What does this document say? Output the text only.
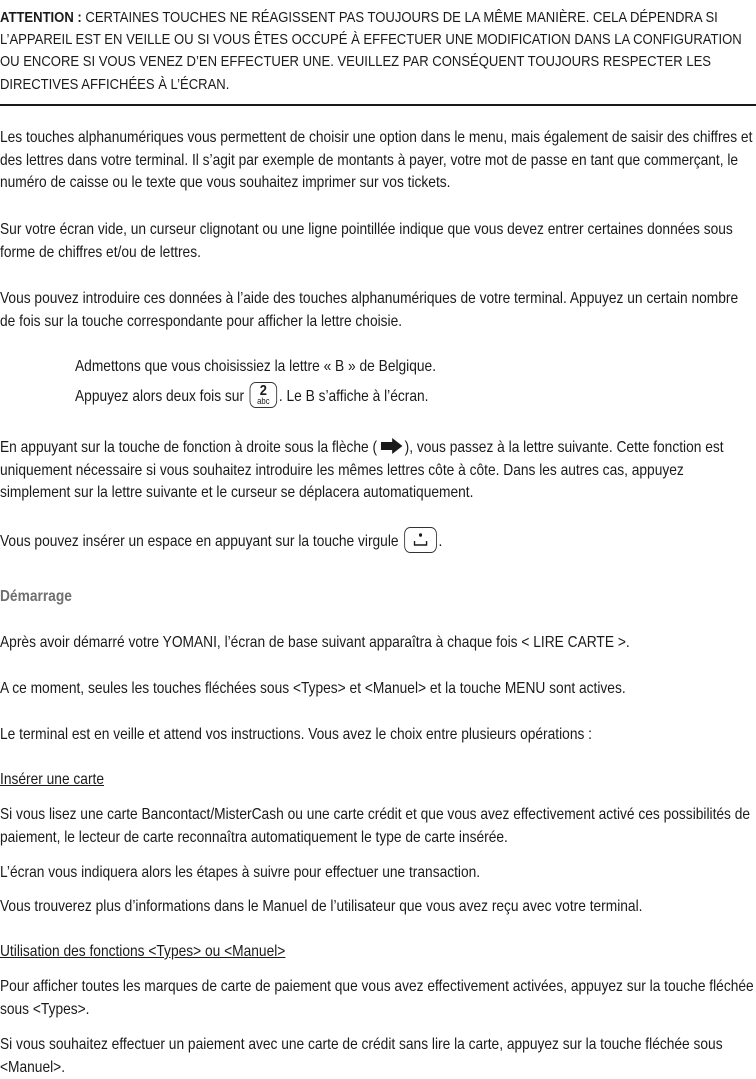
ATTENTION : CERTAINES TOUCHES NE RÉAGISSENT PAS TOUJOURS DE LA MÊME MANIÈRE. CELA DÉPENDRA SI L’APPAREIL EST EN VEILLE OU SI VOUS ÊTES OCCUPÉ À EFFECTUER UNE MODIFICATION DANS LA CONFIGURATION OU ENCORE SI VOUS VENEZ D’EN EFFECTUER UNE. VEUILLEZ PAR CONSÉQUENT TOUJOURS RESPECTER LES DIRECTIVES AFFICHÉES À L’ÉCRAN.
Les touches alphanumériques vous permettent de choisir une option dans le menu, mais également de saisir des chiffres et des lettres dans votre terminal. Il s’agit par exemple de montants à payer, votre mot de passe en tant que commerçant, le numéro de caisse ou le texte que vous souhaitez imprimer sur vos tickets.
Sur votre écran vide, un curseur clignotant ou une ligne pointillée indique que vous devez entrer certaines données sous forme de chiffres et/ou de lettres.
Vous pouvez introduire ces données à l’aide des touches alphanumériques de votre terminal. Appuyez un certain nombre de fois sur la touche correspondante pour afficher la lettre choisie.
Admettons que vous choisissiez la lettre « B » de Belgique.
Appuyez alors deux fois sur	2
abc . Le B s’affiche à l’écran.
En appuyant sur la touche de fonction à droite sous la flèche ( ), vous passez à la lettre suivante. Cette fonction est uniquement nécessaire si vous souhaitez introduire les mêmes lettres côte à côte. Dans les autres cas, appuyez simplement sur la lettre suivante et le curseur se déplacera automatiquement.
Vous pouvez insérer un espace en appuyant sur la touche virgule .
Démarrage
Après avoir démarré votre YOMANI, l’écran de base suivant apparaîtra à chaque fois < LIRE CARTE >.
A ce moment, seules les touches fléchées sous <Types> et <Manuel> et la touche MENU sont actives.
Le terminal est en veille et attend vos instructions. Vous avez le choix entre plusieurs opérations :
Insérer une carte
Si vous lisez une carte Bancontact/MisterCash ou une carte crédit et que vous avez effectivement activé ces possibilités de paiement, le lecteur de carte reconnaîtra automatiquement le type de carte insérée.
L’écran vous indiquera alors les étapes à suivre pour effectuer une transaction.
Vous trouverez plus d’informations dans le Manuel de l’utilisateur que vous avez reçu avec votre terminal.
Utilisation des fonctions <Types> ou <Manuel>
Pour afficher toutes les marques de carte de paiement que vous avez effectivement activées, appuyez sur la touche fléchée sous <Types>.
Si vous souhaitez effectuer un paiement avec une carte de crédit sans lire la carte, appuyez sur la touche fléchée sous <Manuel>.
